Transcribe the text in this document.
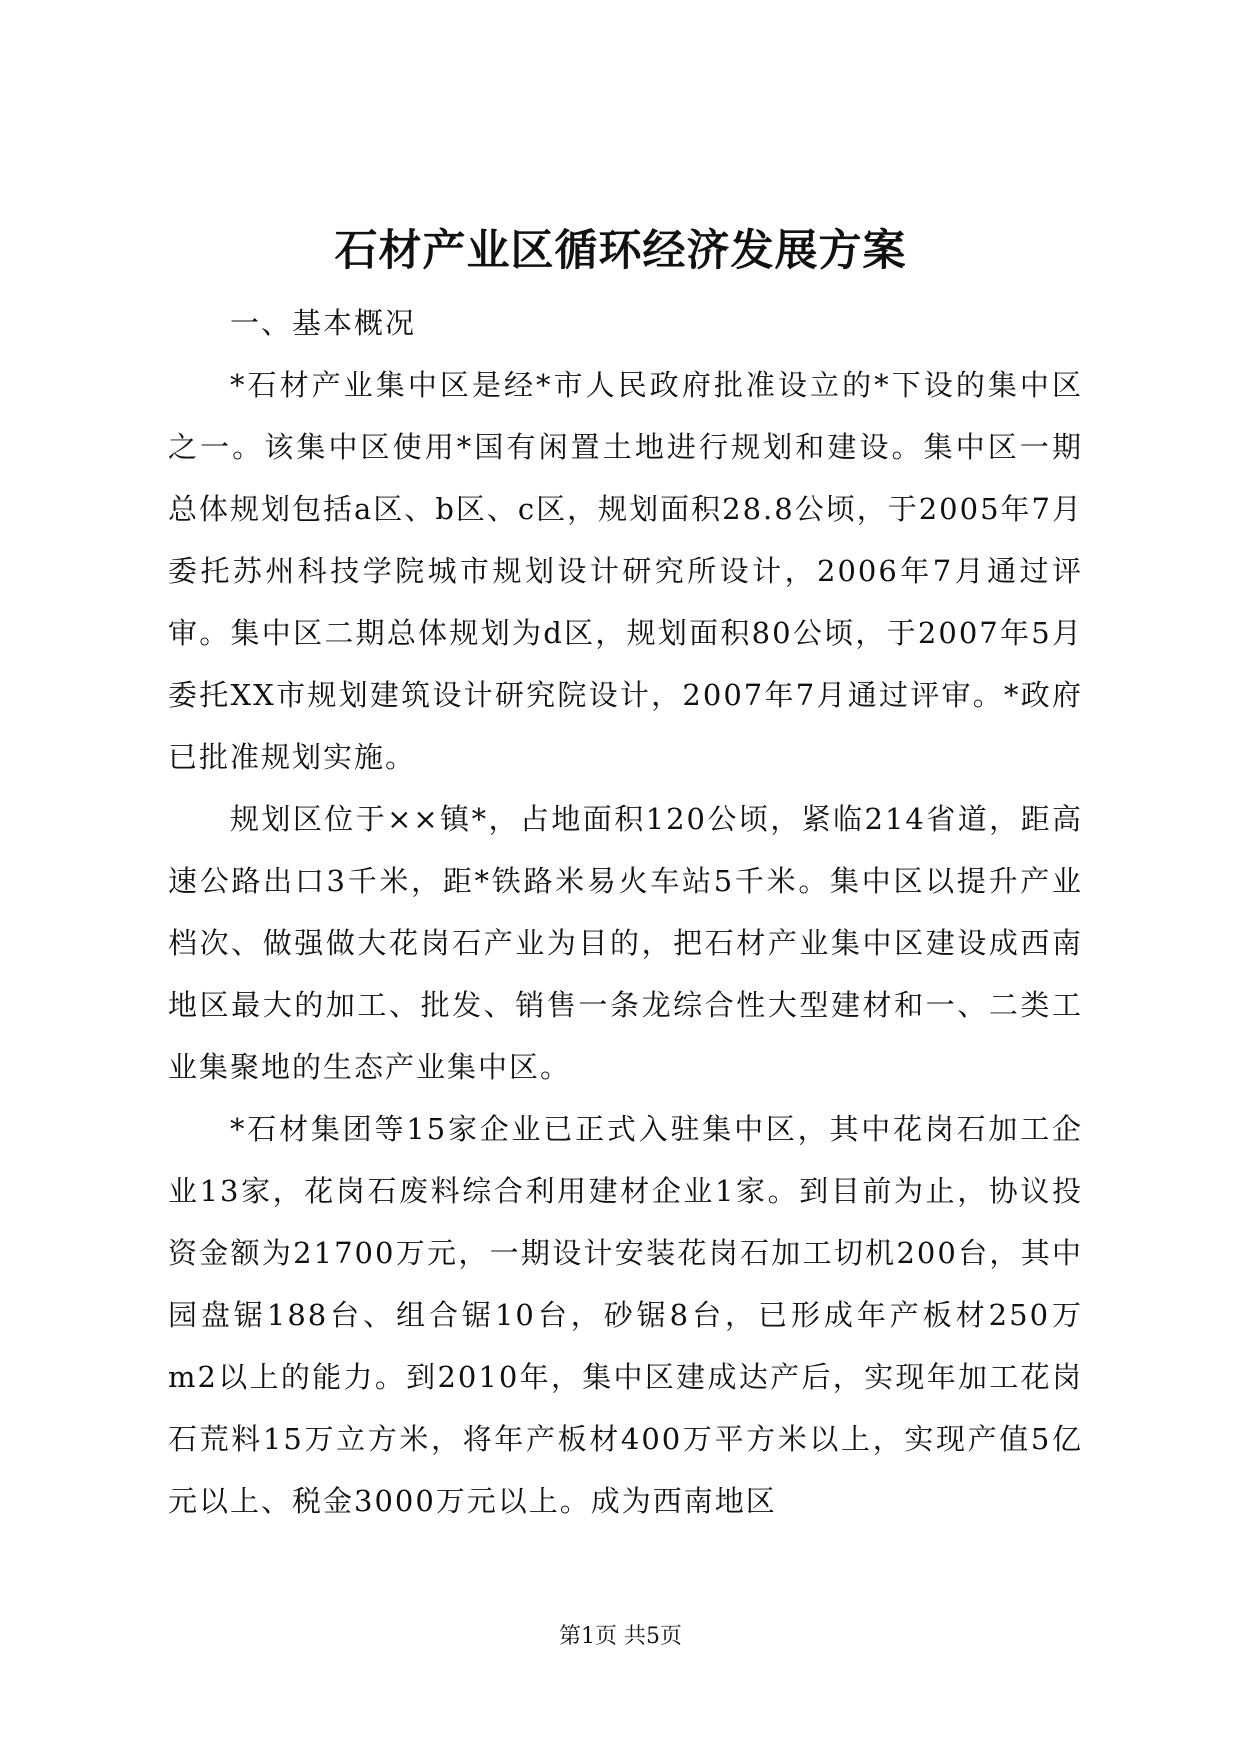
石材产业区循环经济发展方案

一、基本概况

*石材产业集中区是经*市人民政府批准设立的*下设的集中区之一。该集中区使用*国有闲置土地进行规划和建设。集中区一期总体规划包括a区、b区、c区，规划面积28.8公顷，于2005年7月委托苏州科技学院城市规划设计研究所设计，2006年7月通过评审。集中区二期总体规划为d区，规划面积80公顷，于2007年5月委托XX市规划建筑设计研究院设计，2007年7月通过评审。*政府已批准规划实施。

规划区位于××镇*，占地面积120公顷，紧临214省道，距高速公路出口3千米，距*铁路米易火车站5千米。集中区以提升产业档次、做强做大花岗石产业为目的，把石材产业集中区建设成西南地区最大的加工、批发、销售一条龙综合性大型建材和一、二类工业集聚地的生态产业集中区。

*石材集团等15家企业已正式入驻集中区，其中花岗石加工企业13家，花岗石废料综合利用建材企业1家。到目前为止，协议投资金额为21700万元，一期设计安装花岗石加工切机200台，其中园盘锯188台、组合锯10台，砂锯8台，已形成年产板材250万m2以上的能力。到2010年，集中区建成达产后，实现年加工花岗石荒料15万立方米，将年产板材400万平方米以上，实现产值5亿元以上、税金3000万元以上。成为西南地区

第1页 共5页
